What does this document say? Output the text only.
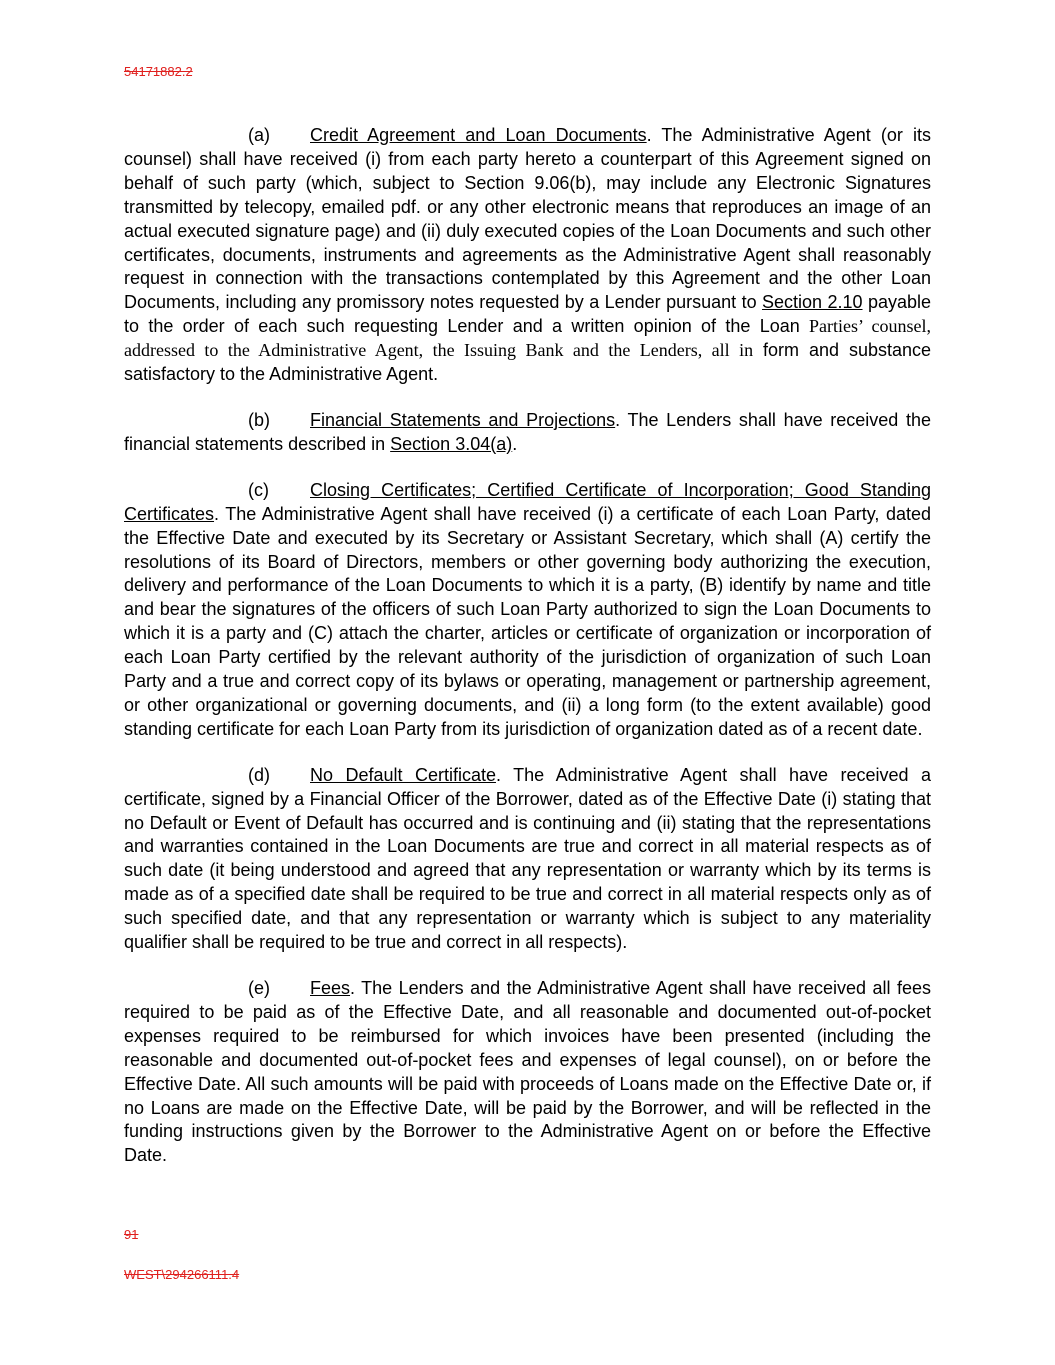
54171882.2

(a) Credit Agreement and Loan Documents. The Administrative Agent (or its counsel) shall have received (i) from each party hereto a counterpart of this Agreement signed on behalf of such party (which, subject to Section 9.06(b), may include any Electronic Signatures transmitted by telecopy, emailed pdf. or any other electronic means that reproduces an image of an actual executed signature page) and (ii) duly executed copies of the Loan Documents and such other certificates, documents, instruments and agreements as the Administrative Agent shall reasonably request in connection with the transactions contemplated by this Agreement and the other Loan Documents, including any promissory notes requested by a Lender pursuant to Section 2.10 payable to the order of each such requesting Lender and a written opinion of the Loan Parties’ counsel, addressed to the Administrative Agent, the Issuing Bank and the Lenders, all in form and substance satisfactory to the Administrative Agent.

(b) Financial Statements and Projections. The Lenders shall have received the financial statements described in Section 3.04(a).

(c) Closing Certificates; Certified Certificate of Incorporation; Good Standing Certificates. The Administrative Agent shall have received (i) a certificate of each Loan Party, dated the Effective Date and executed by its Secretary or Assistant Secretary, which shall (A) certify the resolutions of its Board of Directors, members or other governing body authorizing the execution, delivery and performance of the Loan Documents to which it is a party, (B) identify by name and title and bear the signatures of the officers of such Loan Party authorized to sign the Loan Documents to which it is a party and (C) attach the charter, articles or certificate of organization or incorporation of each Loan Party certified by the relevant authority of the jurisdiction of organization of such Loan Party and a true and correct copy of its bylaws or operating, management or partnership agreement, or other organizational or governing documents, and (ii) a long form (to the extent available) good standing certificate for each Loan Party from its jurisdiction of organization dated as of a recent date.

(d) No Default Certificate. The Administrative Agent shall have received a certificate, signed by a Financial Officer of the Borrower, dated as of the Effective Date (i) stating that no Default or Event of Default has occurred and is continuing and (ii) stating that the representations and warranties contained in the Loan Documents are true and correct in all material respects as of such date (it being understood and agreed that any representation or warranty which by its terms is made as of a specified date shall be required to be true and correct in all material respects only as of such specified date, and that any representation or warranty which is subject to any materiality qualifier shall be required to be true and correct in all respects).

(e) Fees. The Lenders and the Administrative Agent shall have received all fees required to be paid as of the Effective Date, and all reasonable and documented out-of-pocket expenses required to be reimbursed for which invoices have been presented (including the reasonable and documented out-of-pocket fees and expenses of legal counsel), on or before the Effective Date. All such amounts will be paid with proceeds of Loans made on the Effective Date or, if no Loans are made on the Effective Date, will be paid by the Borrower, and will be reflected in the funding instructions given by the Borrower to the Administrative Agent on or before the Effective Date.

91
WEST\294266111.4
